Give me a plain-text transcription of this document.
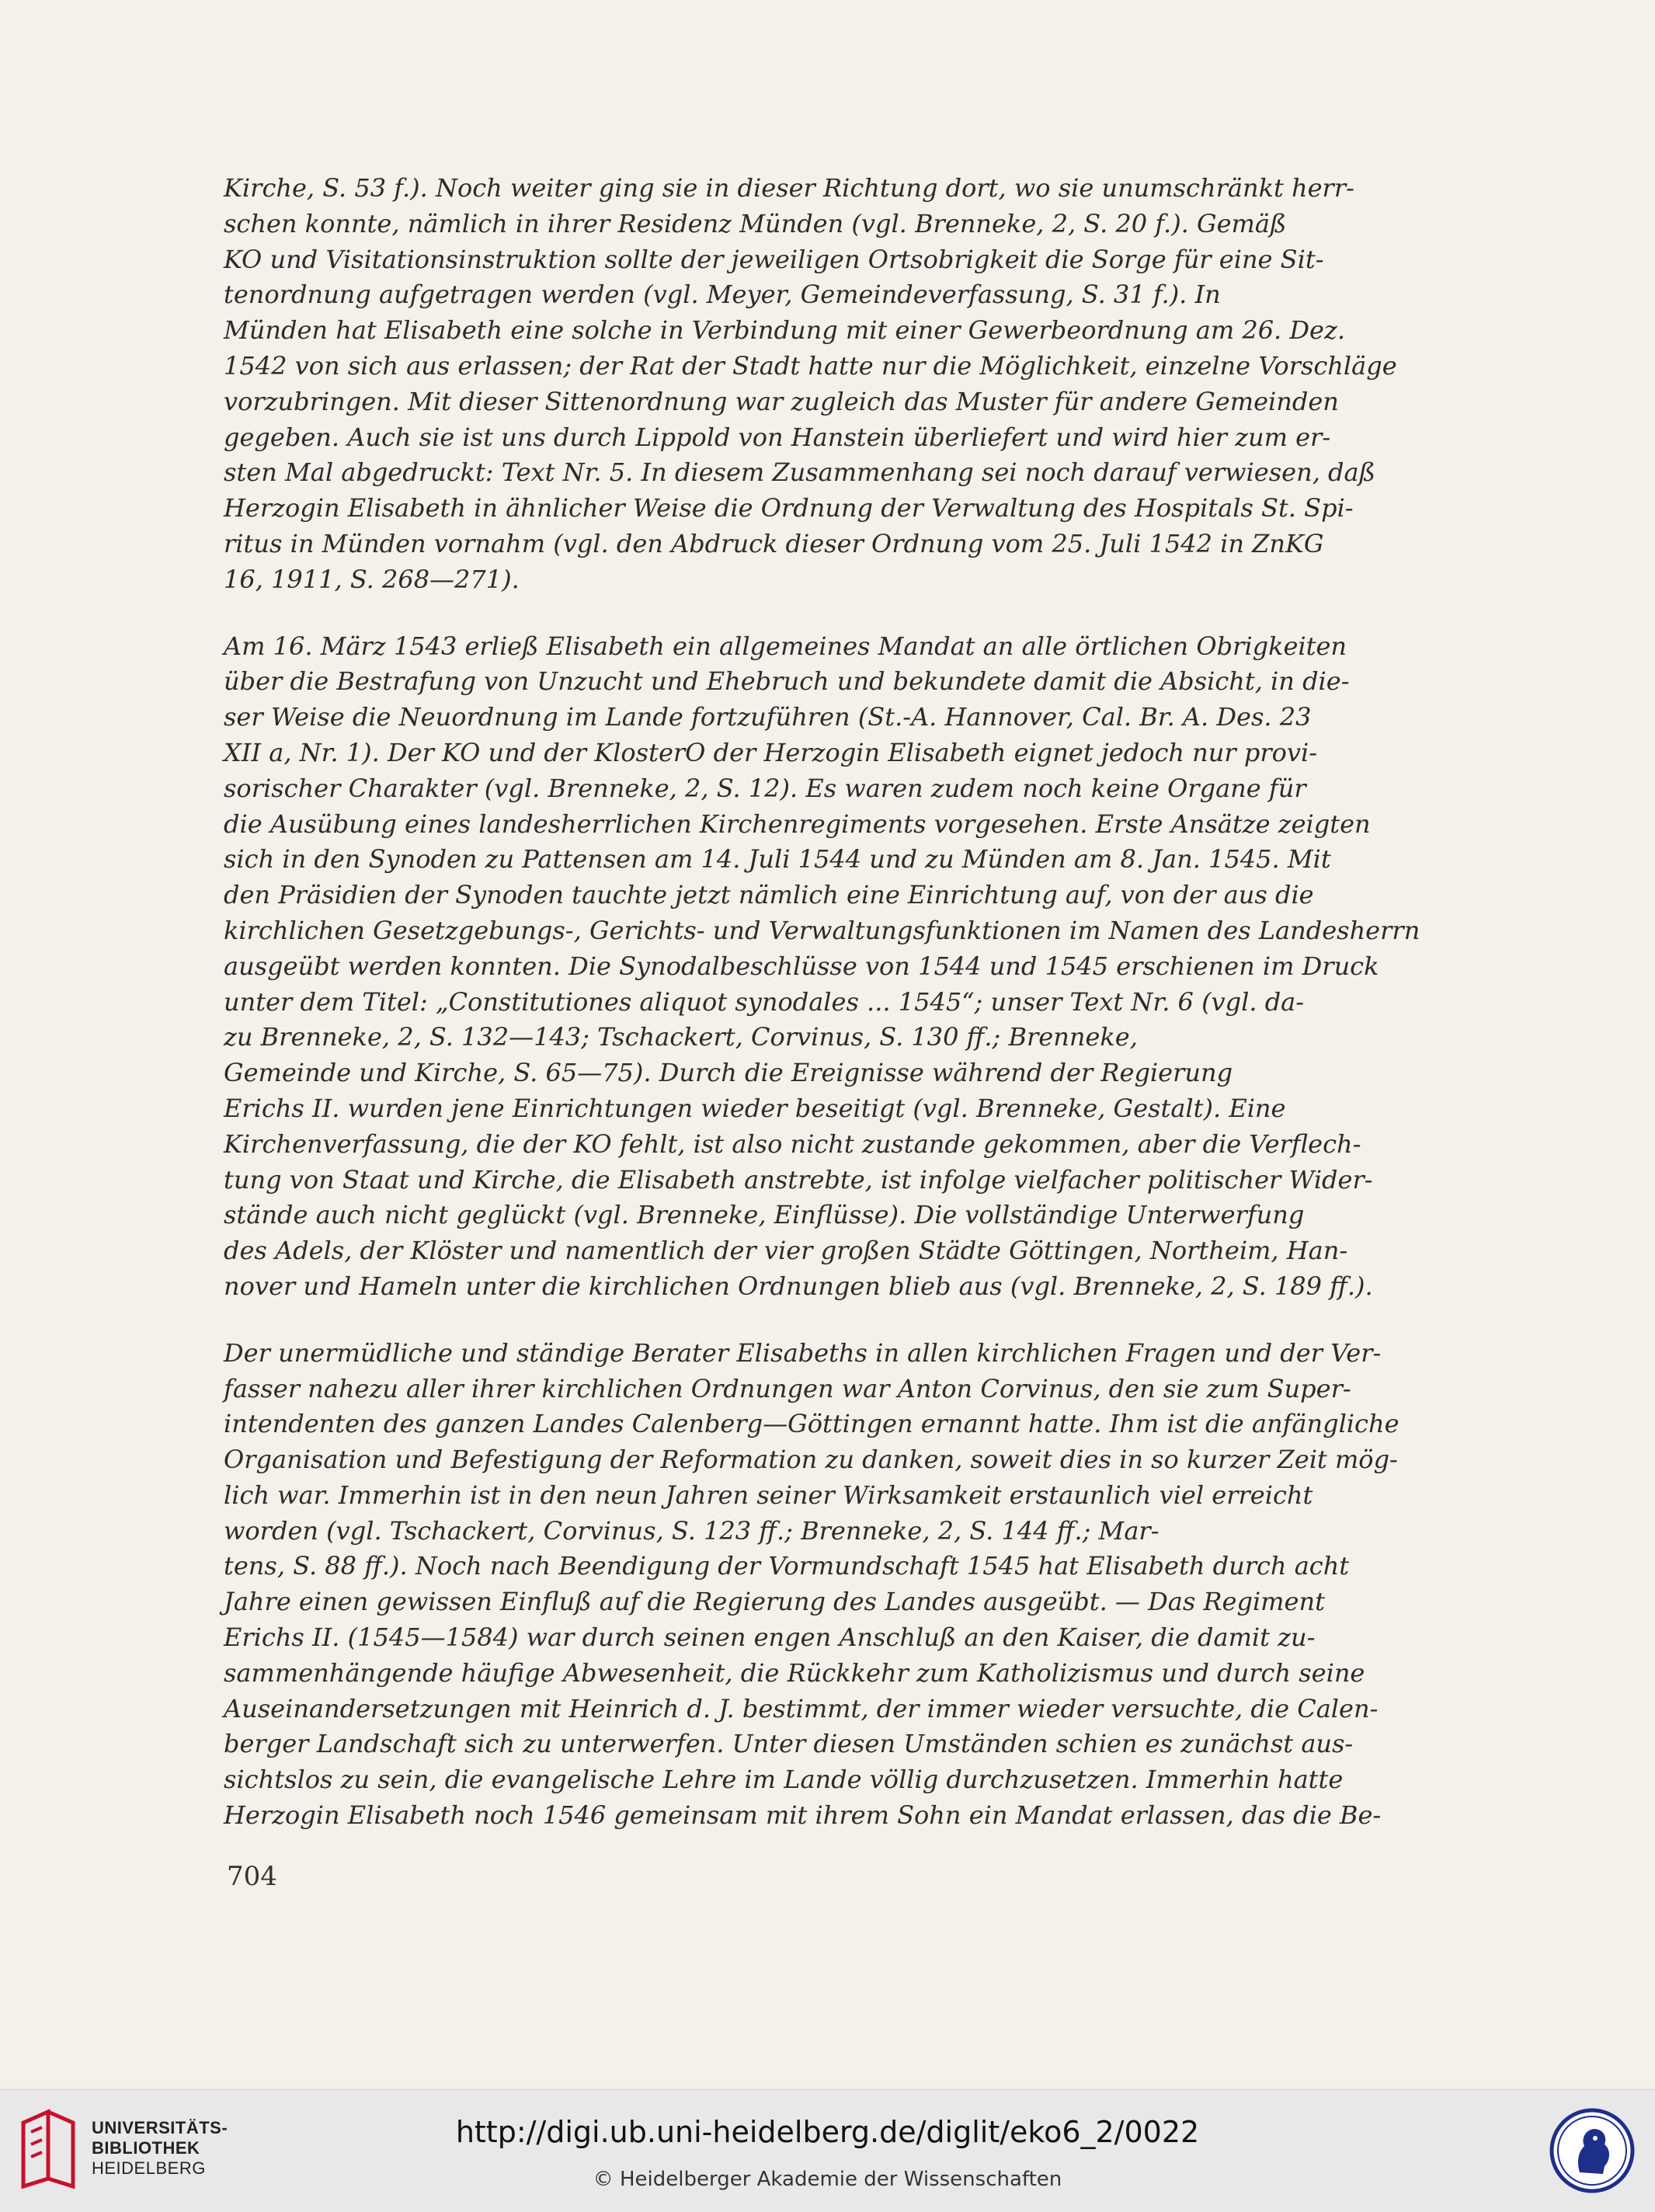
Kirche, S. 53 f.). Noch weiter ging sie in dieser Richtung dort, wo sie unumschränkt herr-
schen konnte, nämlich in ihrer Residenz Münden (vgl. Brenneke, 2, S. 20 f.). Gemäß
KO und Visitationsinstruktion sollte der jeweiligen Ortsobrigkeit die Sorge für eine Sit-
tenordnung aufgetragen werden (vgl. Meyer, Gemeindeverfassung, S. 31 f.). In
Münden hat Elisabeth eine solche in Verbindung mit einer Gewerbeordnung am 26. Dez.
1542 von sich aus erlassen; der Rat der Stadt hatte nur die Möglichkeit, einzelne Vorschläge
vorzubringen. Mit dieser Sittenordnung war zugleich das Muster für andere Gemeinden
gegeben. Auch sie ist uns durch Lippold von Hanstein überliefert und wird hier zum er-
sten Mal abgedruckt: Text Nr. 5. In diesem Zusammenhang sei noch darauf verwiesen, daß
Herzogin Elisabeth in ähnlicher Weise die Ordnung der Verwaltung des Hospitals St. Spi-
ritus in Münden vornahm (vgl. den Abdruck dieser Ordnung vom 25. Juli 1542 in ZnKG
16, 1911, S. 268—271).

Am 16. März 1543 erließ Elisabeth ein allgemeines Mandat an alle örtlichen Obrigkeiten
über die Bestrafung von Unzucht und Ehebruch und bekundete damit die Absicht, in die-
ser Weise die Neuordnung im Lande fortzuführen (St.-A. Hannover, Cal. Br. A. Des. 23
XII a, Nr. 1). Der KO und der KlosterO der Herzogin Elisabeth eignet jedoch nur provi-
sorischer Charakter (vgl. Brenneke, 2, S. 12). Es waren zudem noch keine Organe für
die Ausübung eines landesherrlichen Kirchenregiments vorgesehen. Erste Ansätze zeigten
sich in den Synoden zu Pattensen am 14. Juli 1544 und zu Münden am 8. Jan. 1545. Mit
den Präsidien der Synoden tauchte jetzt nämlich eine Einrichtung auf, von der aus die
kirchlichen Gesetzgebungs-, Gerichts- und Verwaltungsfunktionen im Namen des Landesherrn
ausgeübt werden konnten. Die Synodalbeschlüsse von 1544 und 1545 erschienen im Druck
unter dem Titel: „Constitutiones aliquot synodales ... 1545“; unser Text Nr. 6 (vgl. da-
zu Brenneke, 2, S. 132—143; Tschackert, Corvinus, S. 130 ff.; Brenneke,
Gemeinde und Kirche, S. 65—75). Durch die Ereignisse während der Regierung
Erichs II. wurden jene Einrichtungen wieder beseitigt (vgl. Brenneke, Gestalt). Eine
Kirchenverfassung, die der KO fehlt, ist also nicht zustande gekommen, aber die Verflech-
tung von Staat und Kirche, die Elisabeth anstrebte, ist infolge vielfacher politischer Wider-
stände auch nicht geglückt (vgl. Brenneke, Einflüsse). Die vollständige Unterwerfung
des Adels, der Klöster und namentlich der vier großen Städte Göttingen, Northeim, Han-
nover und Hameln unter die kirchlichen Ordnungen blieb aus (vgl. Brenneke, 2, S. 189 ff.).

Der unermüdliche und ständige Berater Elisabeths in allen kirchlichen Fragen und der Ver-
fasser nahezu aller ihrer kirchlichen Ordnungen war Anton Corvinus, den sie zum Super-
intendenten des ganzen Landes Calenberg—Göttingen ernannt hatte. Ihm ist die anfängliche
Organisation und Befestigung der Reformation zu danken, soweit dies in so kurzer Zeit mög-
lich war. Immerhin ist in den neun Jahren seiner Wirksamkeit erstaunlich viel erreicht
worden (vgl. Tschackert, Corvinus, S. 123 ff.; Brenneke, 2, S. 144 ff.; Mar-
tens, S. 88 ff.). Noch nach Beendigung der Vormundschaft 1545 hat Elisabeth durch acht
Jahre einen gewissen Einfluß auf die Regierung des Landes ausgeübt. — Das Regiment
Erichs II. (1545—1584) war durch seinen engen Anschluß an den Kaiser, die damit zu-
sammenhängende häufige Abwesenheit, die Rückkehr zum Katholizismus und durch seine
Auseinandersetzungen mit Heinrich d. J. bestimmt, der immer wieder versuchte, die Calen-
berger Landschaft sich zu unterwerfen. Unter diesen Umständen schien es zunächst aus-
sichtslos zu sein, die evangelische Lehre im Lande völlig durchzusetzen. Immerhin hatte
Herzogin Elisabeth noch 1546 gemeinsam mit ihrem Sohn ein Mandat erlassen, das die Be-

704
UNIVERSITÄTS-
BIBLIOTHEK
HEIDELBERG
http://digi.ub.uni-heidelberg.de/diglit/eko6_2/0022
© Heidelberger Akademie der Wissenschaften
